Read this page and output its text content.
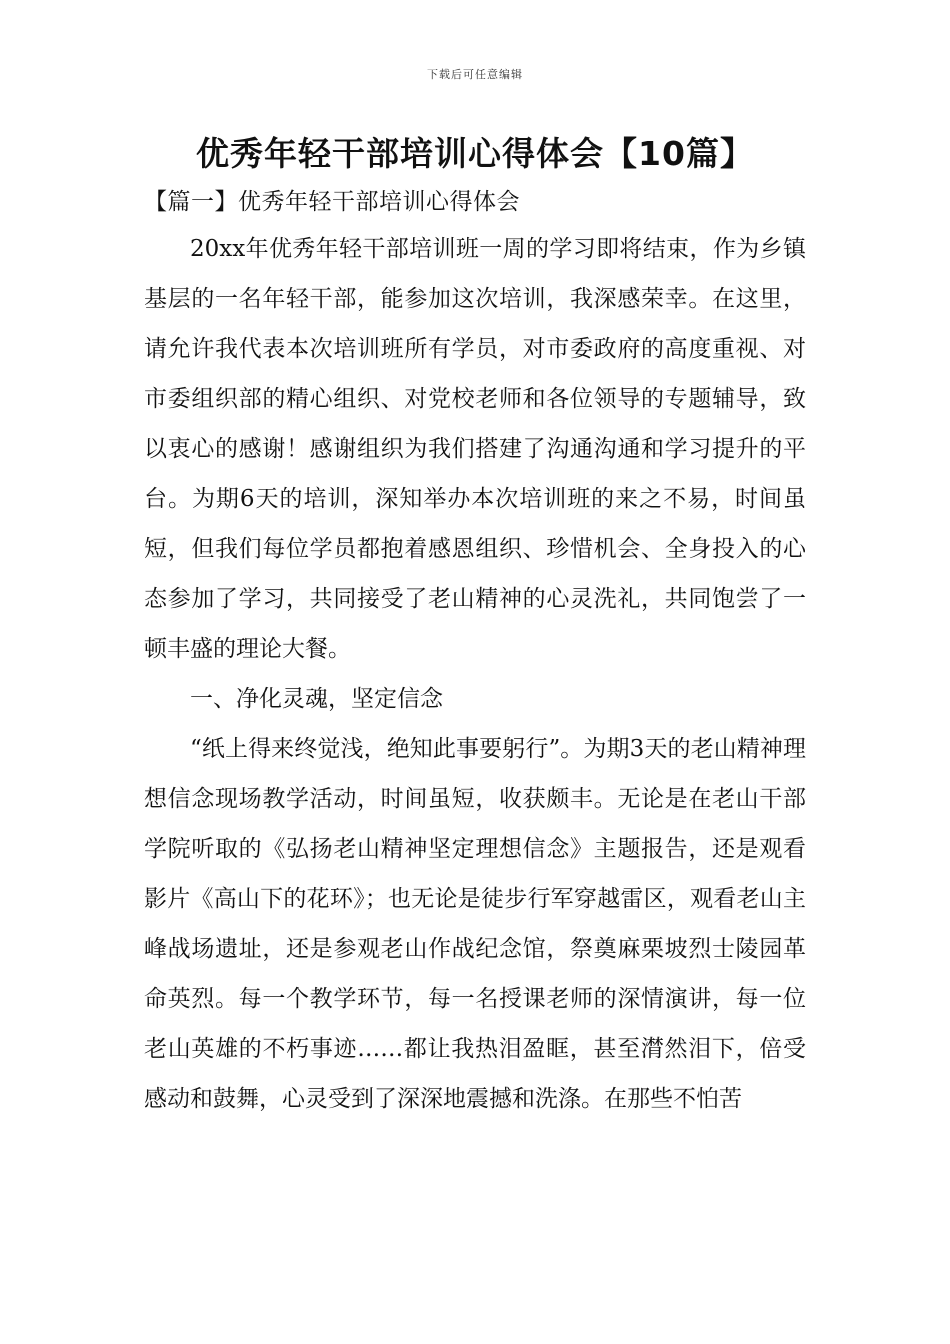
下载后可任意编辑
优秀年轻干部培训心得体会【10篇】
【篇一】优秀年轻干部培训心得体会

20xx年优秀年轻干部培训班一周的学习即将结束，作为乡镇基层的一名年轻干部，能参加这次培训，我深感荣幸。在这里，请允许我代表本次培训班所有学员，对市委政府的高度重视、对市委组织部的精心组织、对党校老师和各位领导的专题辅导，致以衷心的感谢！感谢组织为我们搭建了沟通沟通和学习提升的平台。为期6天的培训，深知举办本次培训班的来之不易，时间虽短，但我们每位学员都抱着感恩组织、珍惜机会、全身投入的心态参加了学习，共同接受了老山精神的心灵洗礼，共同饱尝了一顿丰盛的理论大餐。

一、净化灵魂，坚定信念

“纸上得来终觉浅，绝知此事要躬行”。为期3天的老山精神理想信念现场教学活动，时间虽短，收获颇丰。无论是在老山干部学院听取的《弘扬老山精神坚定理想信念》主题报告，还是观看影片《高山下的花环》；也无论是徒步行军穿越雷区，观看老山主峰战场遗址，还是参观老山作战纪念馆，祭奠麻栗坡烈士陵园革命英烈。每一个教学环节，每一名授课老师的深情演讲，每一位老山英雄的不朽事迹……都让我热泪盈眶，甚至潸然泪下，倍受感动和鼓舞，心灵受到了深深地震撼和洗涤。在那些不怕苦
